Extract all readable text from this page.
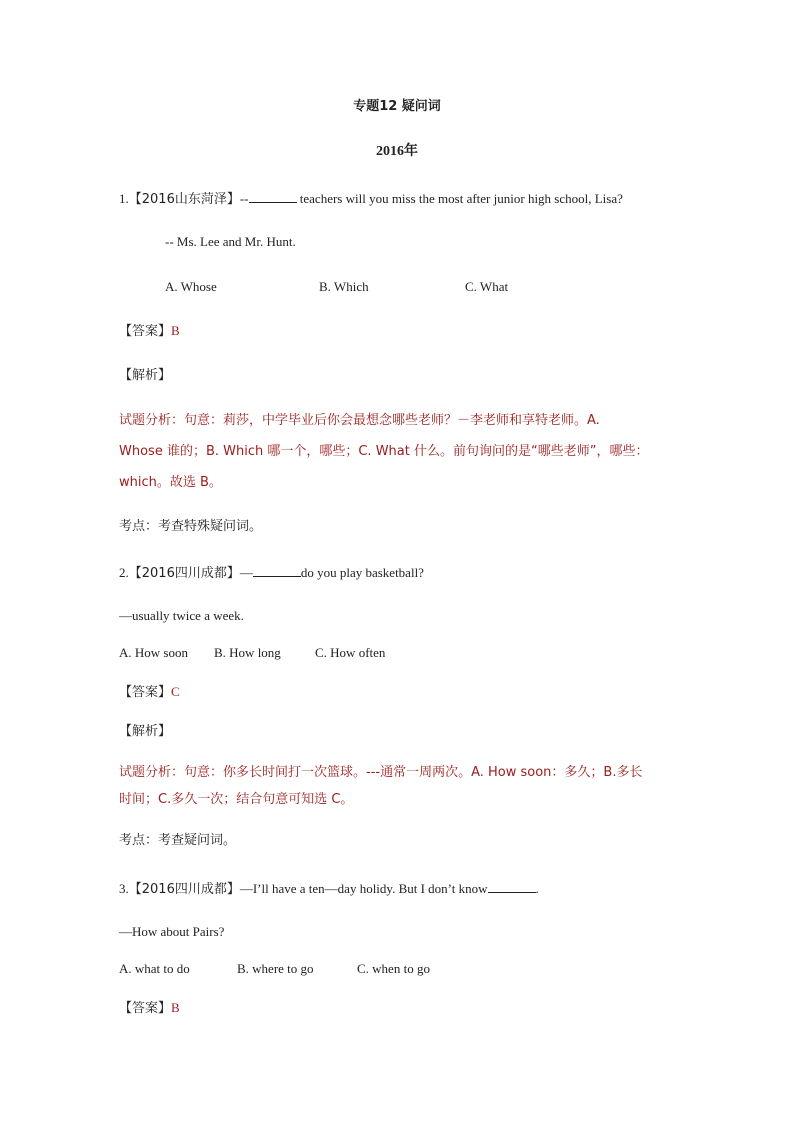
专题12 疑问词
2016年
1.【2016山东菏泽】--	teachers will you miss the most after junior high school, Lisa?
-- Ms. Lee and Mr. Hunt.
A. Whose	B. Which	C. What
【答案】B
【解析】
试题分析：句意：莉莎，中学毕业后你会最想念哪些老师？－李老师和享特老师。A.
Whose 谁的；B. Which 哪一个，哪些；C. What 什么。前句询问的是“哪些老师”，哪些：
which。故选 B。
考点：考查特殊疑问词。
2.【2016四川成都】—	do you play basketball?
—usually twice a week.
A. How soon B. How long	C. How often
【答案】C
【解析】
试题分析：句意：你多长时间打一次篮球。---通常一周两次。A. How soon：多久；B.多长
时间；C.多久一次；结合句意可知选 C。
考点：考查疑问词。
3.【2016四川成都】—I’ll have a ten—day holidy. But I don’t know	.
—How about Pairs?
A. what to do	B. where to go	C. when to go
【答案】B
